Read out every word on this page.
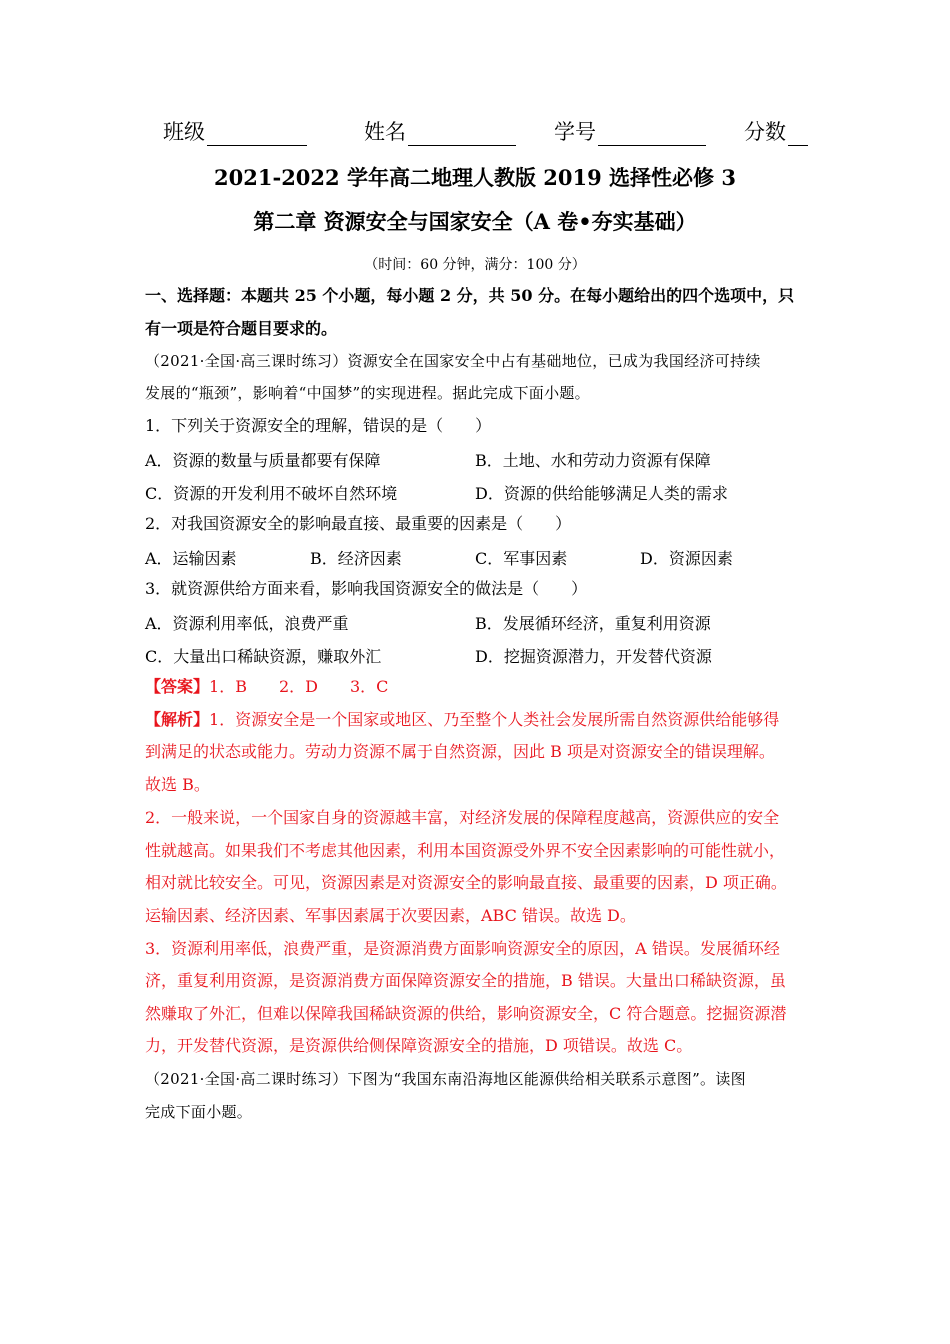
班级	姓名	学号	分数
2021-2022 学年高二地理人教版 2019 选择性必修 3
第二章 资源安全与国家安全（A 卷•夯实基础）
（时间：60 分钟，满分：100 分）
一、选择题：本题共 25 个小题，每小题 2 分，共 50 分。在每小题给出的四个选项中，只
有一项是符合题目要求的。
（2021·全国·高三课时练习）资源安全在国家安全中占有基础地位，已成为我国经济可持续
发展的“瓶颈”，影响着“中国梦”的实现进程。据此完成下面小题。
1．下列关于资源安全的理解，错误的是（　　）
A．资源的数量与质量都要有保障	B．土地、水和劳动力资源有保障
C．资源的开发利用不破坏自然环境	D．资源的供给能够满足人类的需求
2．对我国资源安全的影响最直接、最重要的因素是（　　）
A．运输因素	B．经济因素	C．军事因素	D．资源因素
3．就资源供给方面来看，影响我国资源安全的做法是（　　）
A．资源利用率低，浪费严重	B．发展循环经济，重复利用资源
C．大量出口稀缺资源，赚取外汇	D．挖掘资源潜力，开发替代资源
【答案】1．B　　2．D　　3．C
【解析】1．资源安全是一个国家或地区、乃至整个人类社会发展所需自然资源供给能够得
到满足的状态或能力。劳动力资源不属于自然资源，因此 B 项是对资源安全的错误理解。
故选 B。
2．一般来说，一个国家自身的资源越丰富，对经济发展的保障程度越高，资源供应的安全
性就越高。如果我们不考虑其他因素，利用本国资源受外界不安全因素影响的可能性就小，
相对就比较安全。可见，资源因素是对资源安全的影响最直接、最重要的因素，D 项正确。
运输因素、经济因素、军事因素属于次要因素，ABC 错误。故选 D。
3．资源利用率低，浪费严重，是资源消费方面影响资源安全的原因，A 错误。发展循环经
济，重复利用资源，是资源消费方面保障资源安全的措施，B 错误。大量出口稀缺资源，虽
然赚取了外汇，但难以保障我国稀缺资源的供给，影响资源安全，C 符合题意。挖掘资源潜
力，开发替代资源，是资源供给侧保障资源安全的措施，D 项错误。故选 C。
（2021·全国·高二课时练习）下图为“我国东南沿海地区能源供给相关联系示意图”。读图
完成下面小题。
